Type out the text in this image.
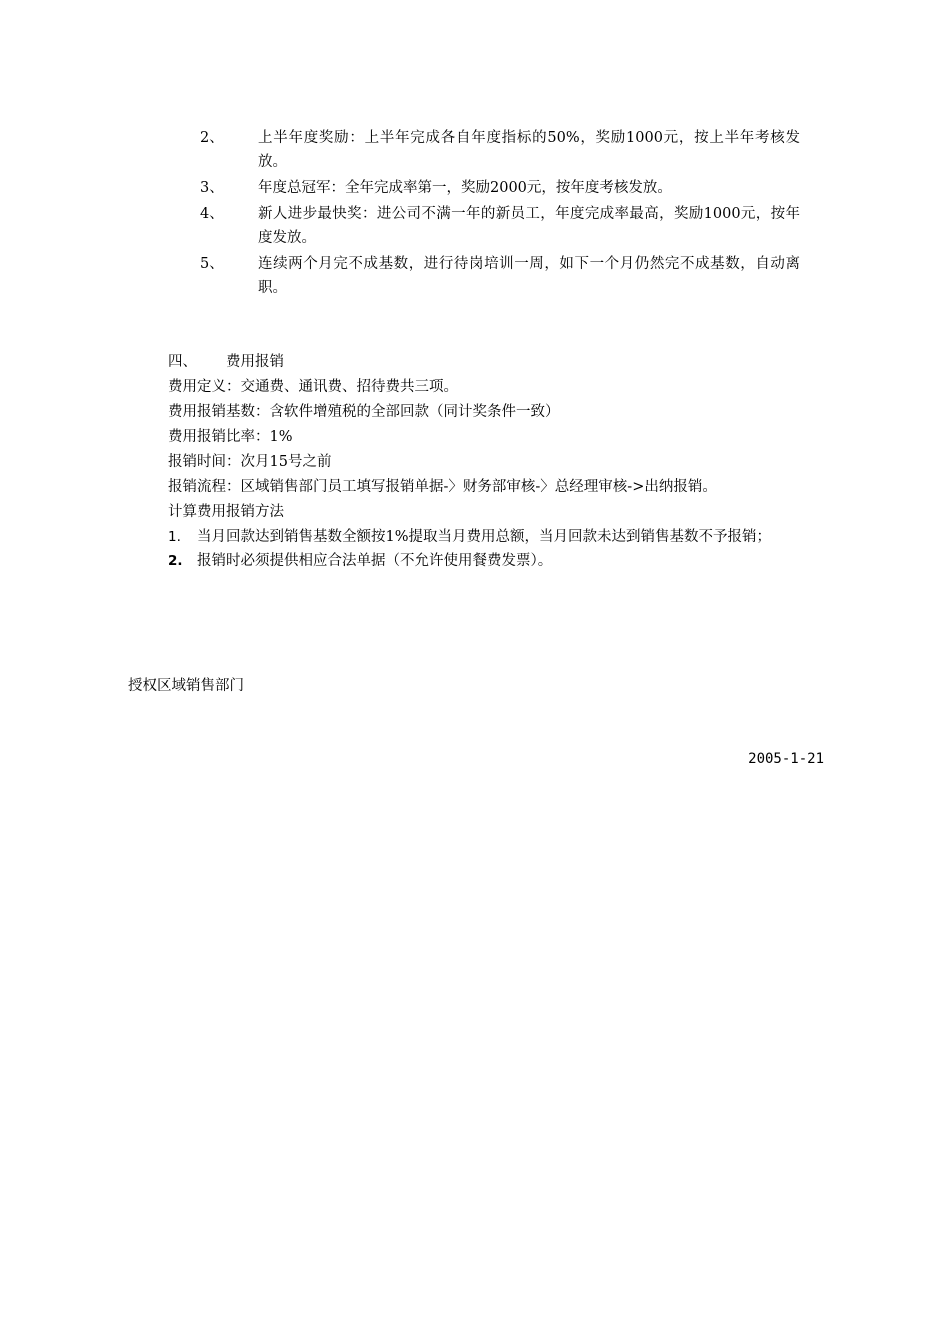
2、	上半年度奖励：上半年完成各自年度指标的50%，奖励1000元，按上半年考核发放。
3、	年度总冠军：全年完成率第一，奖励2000元，按年度考核发放。
4、	新人进步最快奖：进公司不满一年的新员工，年度完成率最高，奖励1000元，按年度发放。
5、	连续两个月完不成基数，进行待岗培训一周，如下一个月仍然完不成基数，自动离职。
四、	费用报销
费用定义：交通费、通讯费、招待费共三项。
费用报销基数：含软件增殖税的全部回款（同计奖条件一致）
费用报销比率：1%
报销时间：次月15号之前
报销流程：区域销售部门员工填写报销单据-〉财务部审核-〉总经理审核->出纳报销。
计算费用报销方法
1.	当月回款达到销售基数全额按1%提取当月费用总额，当月回款未达到销售基数不予报销；
2. 报销时必须提供相应合法单据（不允许使用餐费发票）。
授权区域销售部门
2005-1-21
